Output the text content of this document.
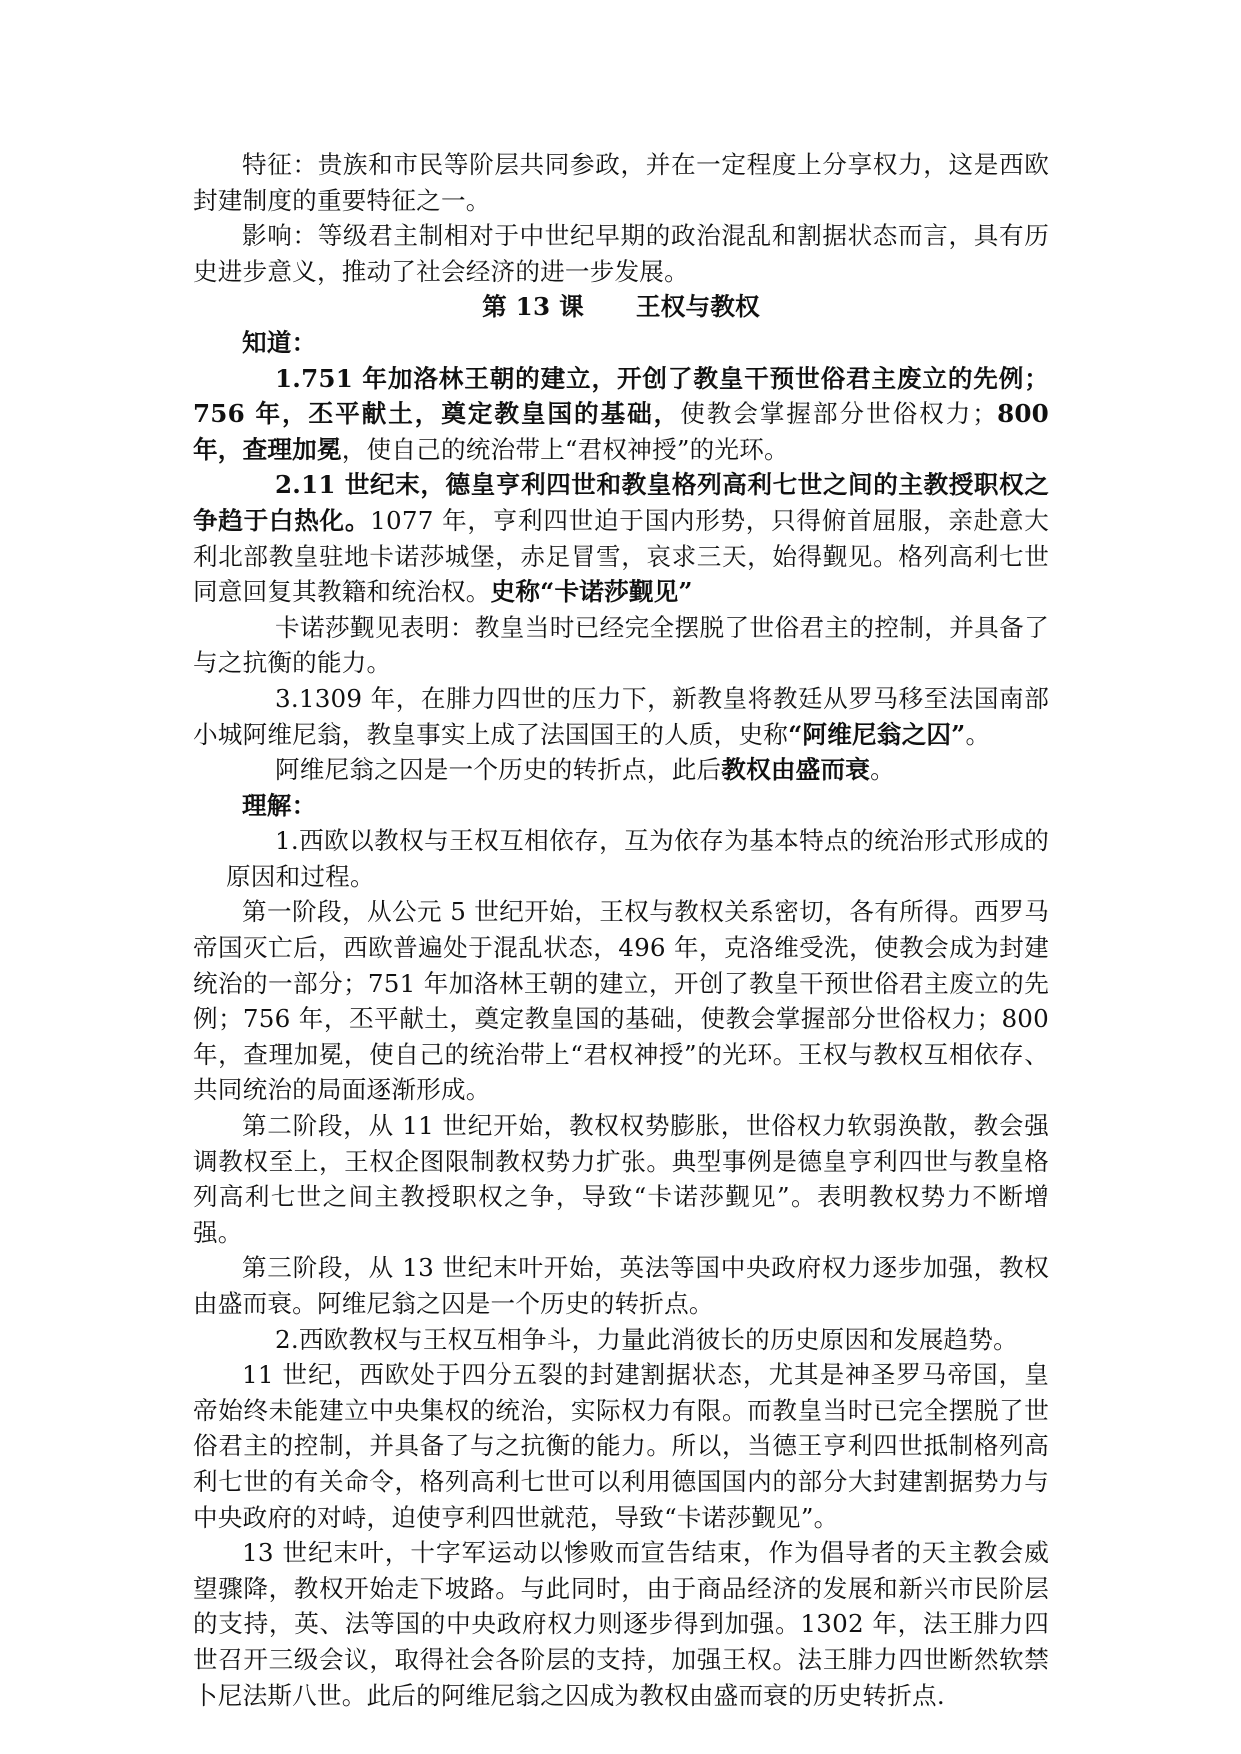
特征：贵族和市民等阶层共同参政，并在一定程度上分享权力，这是西欧封建制度的重要特征之一。

影响：等级君主制相对于中世纪早期的政治混乱和割据状态而言，具有历史进步意义，推动了社会经济的进一步发展。

第 13 课 王权与教权

知道：

1.751 年加洛林王朝的建立，开创了教皇干预世俗君主废立的先例；756 年，丕平献土，奠定教皇国的基础，使教会掌握部分世俗权力；800 年，查理加冕，使自己的统治带上“君权神授”的光环。

2.11 世纪末，德皇亨利四世和教皇格列高利七世之间的主教授职权之争趋于白热化。1077 年，亨利四世迫于国内形势，只得俯首屈服，亲赴意大利北部教皇驻地卡诺莎城堡，赤足冒雪，哀求三天，始得觐见。格列高利七世同意回复其教籍和统治权。史称“卡诺莎觐见”

卡诺莎觐见表明：教皇当时已经完全摆脱了世俗君主的控制，并具备了与之抗衡的能力。

3.1309 年，在腓力四世的压力下，新教皇将教廷从罗马移至法国南部小城阿维尼翁，教皇事实上成了法国国王的人质，史称“阿维尼翁之囚”。

阿维尼翁之囚是一个历史的转折点，此后教权由盛而衰。

理解：

1.西欧以教权与王权互相依存，互为依存为基本特点的统治形式形成的原因和过程。

第一阶段，从公元 5 世纪开始，王权与教权关系密切，各有所得。西罗马帝国灭亡后，西欧普遍处于混乱状态，496 年，克洛维受洗，使教会成为封建统治的一部分；751 年加洛林王朝的建立，开创了教皇干预世俗君主废立的先例；756 年，丕平献土，奠定教皇国的基础，使教会掌握部分世俗权力；800 年，查理加冕，使自己的统治带上“君权神授”的光环。王权与教权互相依存、共同统治的局面逐渐形成。

第二阶段，从 11 世纪开始，教权权势膨胀，世俗权力软弱涣散，教会强调教权至上，王权企图限制教权势力扩张。典型事例是德皇亨利四世与教皇格列高利七世之间主教授职权之争，导致“卡诺莎觐见”。表明教权势力不断增强。

第三阶段，从 13 世纪末叶开始，英法等国中央政府权力逐步加强，教权由盛而衰。阿维尼翁之囚是一个历史的转折点。

2.西欧教权与王权互相争斗，力量此消彼长的历史原因和发展趋势。

11 世纪，西欧处于四分五裂的封建割据状态，尤其是神圣罗马帝国，皇帝始终未能建立中央集权的统治，实际权力有限。而教皇当时已完全摆脱了世俗君主的控制，并具备了与之抗衡的能力。所以，当德王亨利四世抵制格列高利七世的有关命令，格列高利七世可以利用德国国内的部分大封建割据势力与中央政府的对峙，迫使亨利四世就范，导致“卡诺莎觐见”。

13 世纪末叶，十字军运动以惨败而宣告结束，作为倡导者的天主教会威望骤降，教权开始走下坡路。与此同时，由于商品经济的发展和新兴市民阶层的支持，英、法等国的中央政府权力则逐步得到加强。1302 年，法王腓力四世召开三级会议，取得社会各阶层的支持，加强王权。法王腓力四世断然软禁卜尼法斯八世。此后的阿维尼翁之囚成为教权由盛而衰的历史转折点.
